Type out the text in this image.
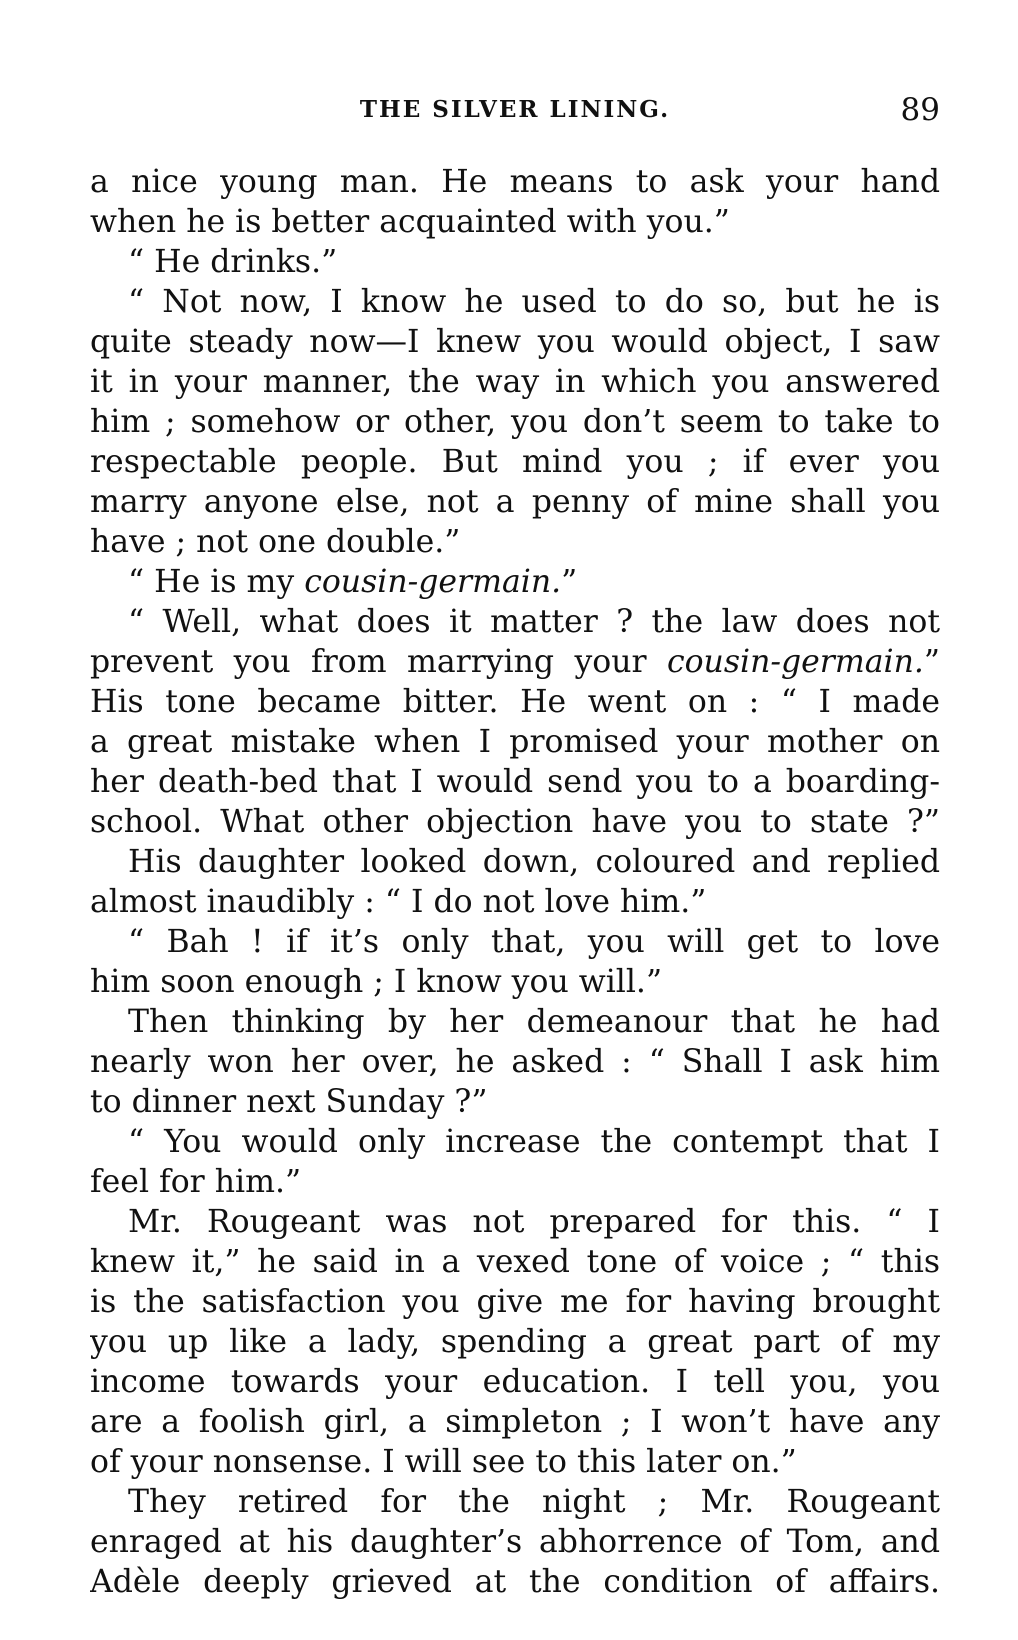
THE SILVER LINING.	89
a nice young man. He means to ask your hand
when he is better acquainted with you.”
“ He drinks.”
“ Not now, I know he used to do so, but he is
quite steady now—I knew you would object, I saw
it in your manner, the way in which you answered
him ; somehow or other, you don’t seem to take to
respectable people. But mind you ; if ever you
marry anyone else, not a penny of mine shall you
have ; not one double.”
“ He is my cousin-germain.”
“ Well, what does it matter ? the law does not
prevent you from marrying your cousin-germain.”
His tone became bitter. He went on : “ I made
a great mistake when I promised your mother on
her death-bed that I would send you to a boarding-
school. What other objection have you to state ?”
His daughter looked down, coloured and replied
almost inaudibly : “ I do not love him.”
“ Bah ! if it’s only that, you will get to love
him soon enough ; I know you will.”
Then thinking by her demeanour that he had
nearly won her over, he asked : “ Shall I ask him
to dinner next Sunday ?”
“ You would only increase the contempt that I
feel for him.”
Mr. Rougeant was not prepared for this. “ I
knew it,” he said in a vexed tone of voice ; “ this
is the satisfaction you give me for having brought
you up like a lady, spending a great part of my
income towards your education. I tell you, you
are a foolish girl, a simpleton ; I won’t have any
of your nonsense. I will see to this later on.”
They retired for the night ; Mr. Rougeant
enraged at his daughter’s abhorrence of Tom, and
Adèle deeply grieved at the condition of affairs.
